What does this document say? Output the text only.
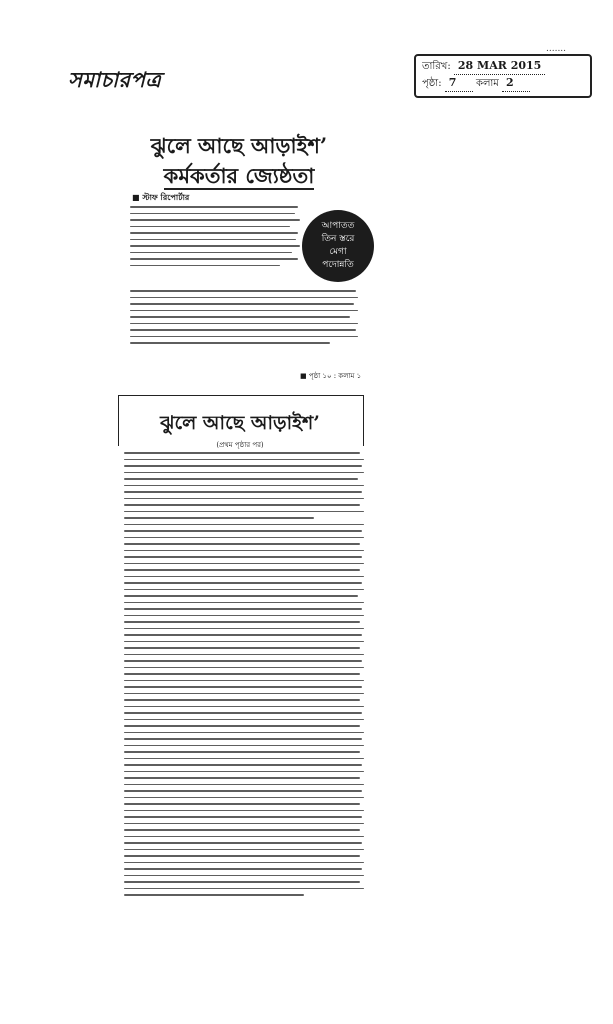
সমাচারপত্র
.......
তারিখ: 28 MAR 2015
পৃষ্ঠা: 7 কলাম 2
ঝুলে আছে আড়াইশ’
কর্মকর্তার জ্যেষ্ঠতা
■ স্টাফ রিপোর্টার
আপাতত
তিন স্তরে
মেগা
পদোন্নতি
■ পৃষ্ঠা ১০ : কলাম ১
ঝুলে আছে আড়াইশ’
(প্রথম পৃষ্ঠার পর)
